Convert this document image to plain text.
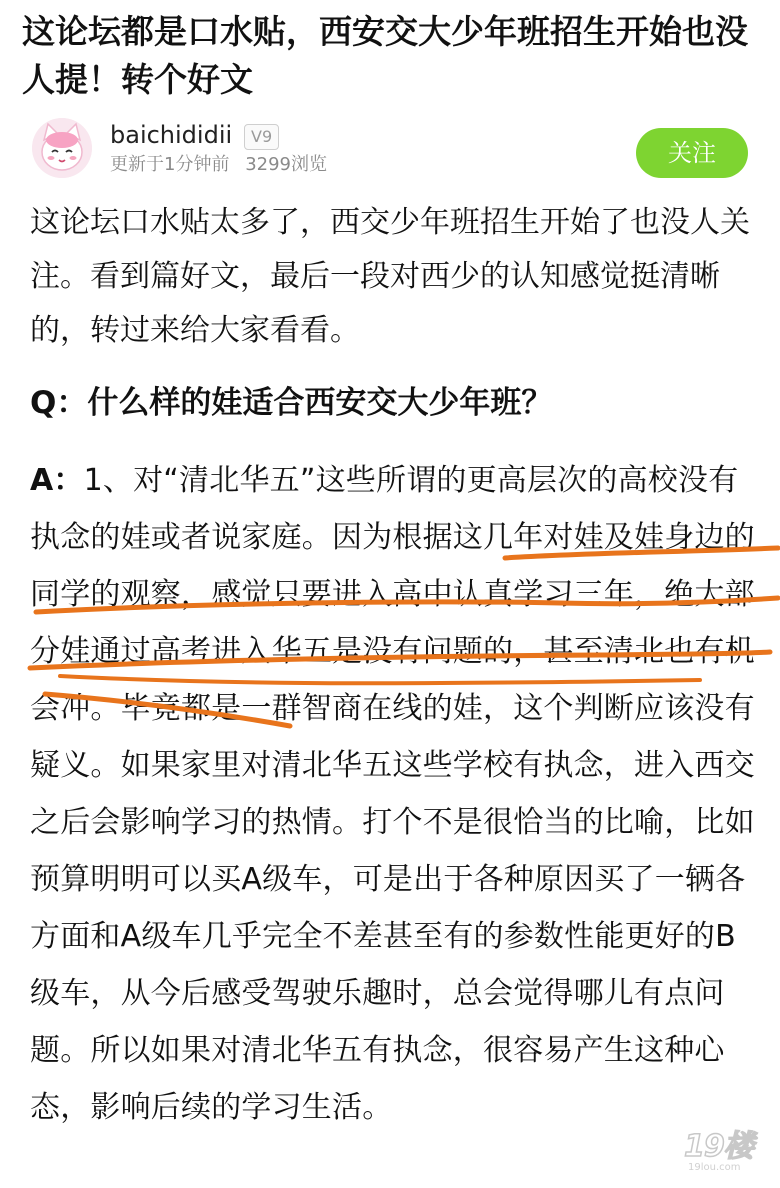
这论坛都是口水贴，西安交大少年班招生开始也没人提！转个好文
baichididii	V9
更新于1分钟前 3299浏览	关注

这论坛口水贴太多了，西交少年班招生开始了也没人关注。看到篇好文，最后一段对西少的认知感觉挺清晰的，转过来给大家看看。

Q：什么样的娃适合西安交大少年班？

A：1、对“清北华五”这些所谓的更高层次的高校没有执念的娃或者说家庭。因为根据这几年对娃及娃身边的同学的观察，感觉只要进入高中认真学习三年，绝大部分娃通过高考进入华五是没有问题的，甚至清北也有机会冲。毕竟都是一群智商在线的娃，这个判断应该没有疑义。如果家里对清北华五这些学校有执念，进入西交之后会影响学习的热情。打个不是很恰当的比喻，比如预算明明可以买A级车，可是出于各种原因买了一辆各方面和A级车几乎完全不差甚至有的参数性能更好的B级车，从今后感受驾驶乐趣时，总会觉得哪儿有点问题。所以如果对清北华五有执念，很容易产生这种心态，影响后续的学习生活。

19楼
19lou.com
